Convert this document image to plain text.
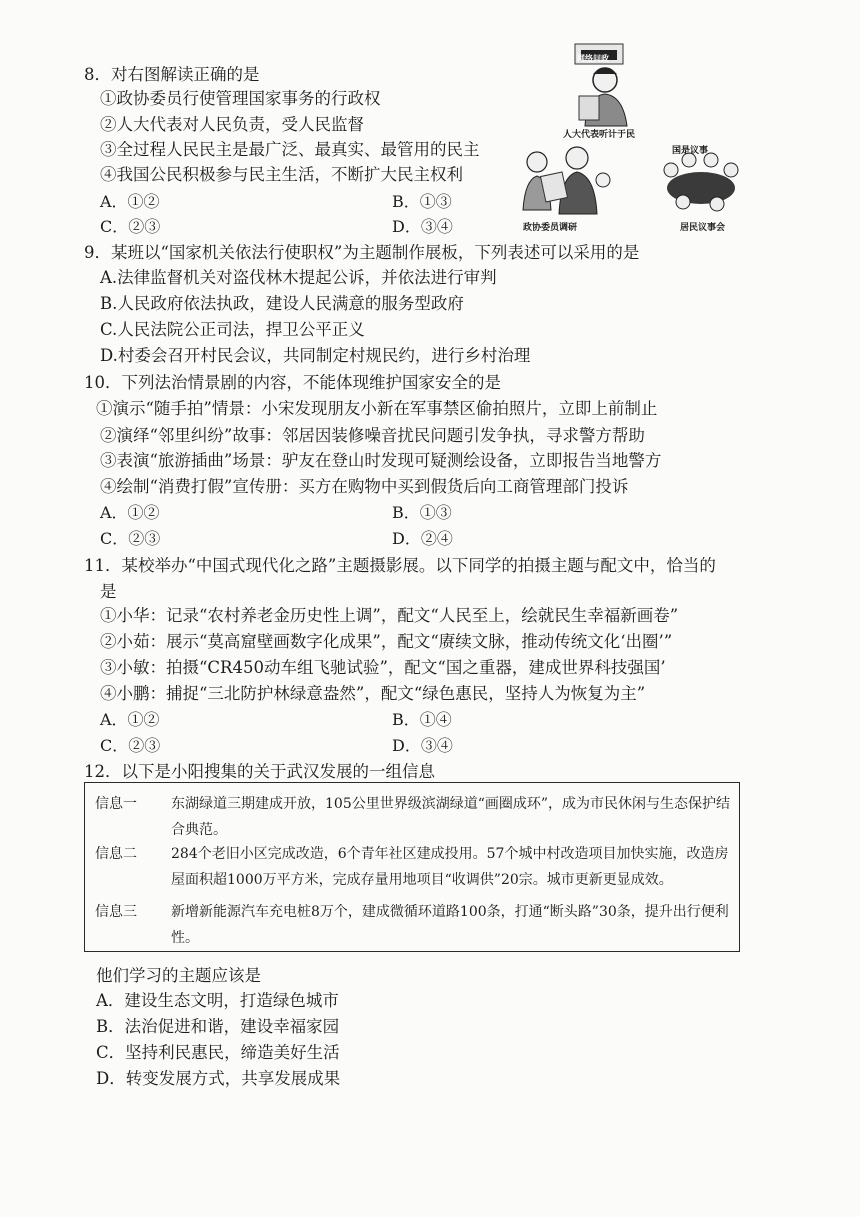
8．对右图解读正确的是
①政协委员行使管理国家事务的行政权
②人大代表对人民负责，受人民监督
③全过程人民民主是最广泛、最真实、最管用的民主
④我国公民积极参与民主生活，不断扩大民主权利
A．①②	B．①③
C．②③	D．③④
网络问政
人大代表听计于民
国是议事
政协委员调研	居民议事会
9．某班以“国家机关依法行使职权”为主题制作展板，下列表述可以采用的是
A.法律监督机关对盗伐林木提起公诉，并依法进行审判
B.人民政府依法执政，建设人民满意的服务型政府
C.人民法院公正司法，捍卫公平正义
D.村委会召开村民会议，共同制定村规民约，进行乡村治理
10．下列法治情景剧的内容，不能体现维护国家安全的是
①演示“随手拍”情景：小宋发现朋友小新在军事禁区偷拍照片，立即上前制止
②演绎“邻里纠纷”故事：邻居因装修噪音扰民问题引发争执，寻求警方帮助
③表演“旅游插曲”场景：驴友在登山时发现可疑测绘设备，立即报告当地警方
④绘制“消费打假”宣传册：买方在购物中买到假货后向工商管理部门投诉
A．①②	B．①③
C．②③	D．②④
11．某校举办“中国式现代化之路”主题摄影展。以下同学的拍摄主题与配文中，恰当的
是
①小华：记录“农村养老金历史性上调”，配文“人民至上，绘就民生幸福新画卷”
②小茹：展示“莫高窟壁画数字化成果”，配文“赓续文脉，推动传统文化‘出圈’”
③小敏：拍摄“CR450动车组飞驰试验”，配文“国之重器，建成世界科技强国’
④小鹏：捕捉“三北防护林绿意盎然”，配文“绿色惠民，坚持人为恢复为主”
A．①②	B．①④
C．②③	D．③④
12．以下是小阳搜集的关于武汉发展的一组信息
信息一	东湖绿道三期建成开放，105公里世界级滨湖绿道“画圈成环”，成为市民休闲与生态保护结合典范。
信息二	284个老旧小区完成改造，6个青年社区建成投用。57个城中村改造项目加快实施，改造房屋面积超1000万平方米，完成存量用地项目“收调供”20宗。城市更新更显成效。
信息三	新增新能源汽车充电桩8万个，建成微循环道路100条，打通“断头路”30条，提升出行便利性。
他们学习的主题应该是
A．建设生态文明，打造绿色城市
B．法治促进和谐，建设幸福家园
C．坚持利民惠民，缔造美好生活
D．转变发展方式，共享发展成果
